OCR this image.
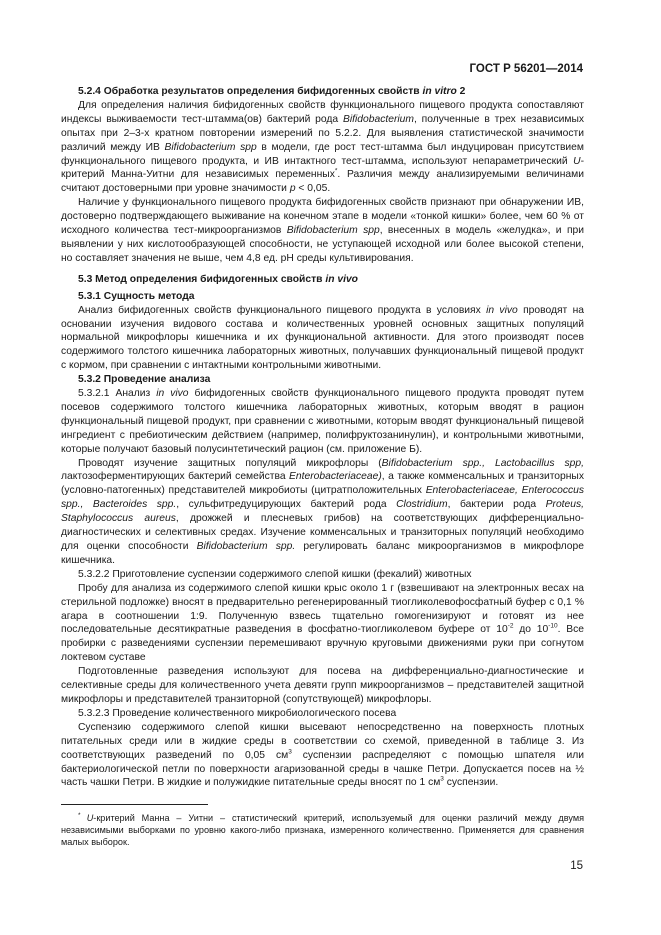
ГОСТ Р 56201—2014
5.2.4 Обработка результатов определения бифидогенных свойств in vitro 2

Для определения наличия бифидогенных свойств функционального пищевого продукта сопоставляют индексы выживаемости тест-штамма(ов) бактерий рода Bifidobacterium, полученные в трех независимых опытах при 2–3-х кратном повторении измерений по 5.2.2. Для выявления статистической значимости различий между ИВ Bifidobacterium spp в модели, где рост тест-штамма был индуцирован присутствием функционального пищевого продукта, и ИВ интактного тест-штамма, используют непараметрический U-критерий Манна-Уитни для независимых переменных*. Различия между анализируемыми величинами считают достоверными при уровне значимости р < 0,05.

Наличие у функционального пищевого продукта бифидогенных свойств признают при обнаружении ИВ, достоверно подтверждающего выживание на конечном этапе в модели «тонкой кишки» более, чем 60 % от исходного количества тест-микроорганизмов Bifidobacterium spp, внесенных в модель «желудка», и при выявлении у них кислотообразующей способности, не уступающей исходной или более высокой степени, но составляет значения не выше, чем 4,8 ед. рН среды культивирования.

5.3 Метод определения бифидогенных свойств in vivo
5.3.1 Сущность метода

Анализ бифидогенных свойств функционального пищевого продукта в условиях in vivo проводят на основании изучения видового состава и количественных уровней основных защитных популяций нормальной микрофлоры кишечника и их функциональной активности. Для этого производят посев содержимого толстого кишечника лабораторных животных, получавших функциональный пищевой продукт с кормом, при сравнении с интактными контрольными животными.

5.3.2 Проведение анализа

5.3.2.1 Анализ in vivo бифидогенных свойств функционального пищевого продукта проводят путем посевов содержимого толстого кишечника лабораторных животных, которым вводят в рацион функциональный пищевой продукт, при сравнении с животными, которым вводят функциональный пищевой ингредиент с пребиотическим действием (например, полифруктозанинулин), и контрольными животными, которые получают базовый полусинтетический рацион (см. приложение Б).

Проводят изучение защитных популяций микрофлоры (Bifidobacterium spp., Lactobacillus spp, лактозоферментирующих бактерий семейства Enterobacteriaceae), а также комменсальных и транзиторных (условно-патогенных) представителей микробиоты (цитратположительных Enterobacteriaceae, Enterococcus spp., Bacteroides spp., сульфитредуцирующих бактерий рода Clostridium, бактерии рода Proteus, Staphylococcus aureus, дрожжей и плесневых грибов) на соответствующих дифференциально-диагностических и селективных средах. Изучение комменсальных и транзиторных популяций необходимо для оценки способности Bifidobacterium spp. регулировать баланс микроорганизмов в микрофлоре кишечника.

5.3.2.2 Приготовление суспензии содержимого слепой кишки (фекалий) животных

Пробу для анализа из содержимого слепой кишки крыс около 1 г (взвешивают на электронных весах на стерильной подложке) вносят в предварительно регенерированный тиогликолевофосфатный буфер с 0,1 % агара в соотношении 1:9. Полученную взвесь тщательно гомогенизируют и готовят из нее последовательные десятикратные разведения в фосфатно-тиогликолевом буфере от $10^{-2}$ до $10^{-10}$. Все пробирки с разведениями суспензии перемешивают вручную круговыми движениями руки при согнутом локтевом суставе

Подготовленные разведения используют для посева на дифференциально-диагностические и селективные среды для количественного учета девяти групп микроорганизмов – представителей защитной микрофлоры и представителей транзиторной (сопутствующей) микрофлоры.

5.3.2.3 Проведение количественного микробиологического посева

Суспензию содержимого слепой кишки высевают непосредственно на поверхность плотных питательных среди или в жидкие среды в соответствии со схемой, приведенной в таблице 3. Из соответствующих разведений по 0,05 $см^3$ суспензии распределяют с помощью шпателя или бактериологической петли по поверхности агаризованной среды в чашке Петри. Допускается посев на ½ часть чашки Петри. В жидкие и полужидкие питательные среды вносят по 1 $см^3$ суспензии.

* U-критерий Манна – Уитни – статистический критерий, используемый для оценки различий между двумя независимыми выборками по уровню какого-либо признака, измеренного количественно. Применяется для сравнения малых выборок.

15
